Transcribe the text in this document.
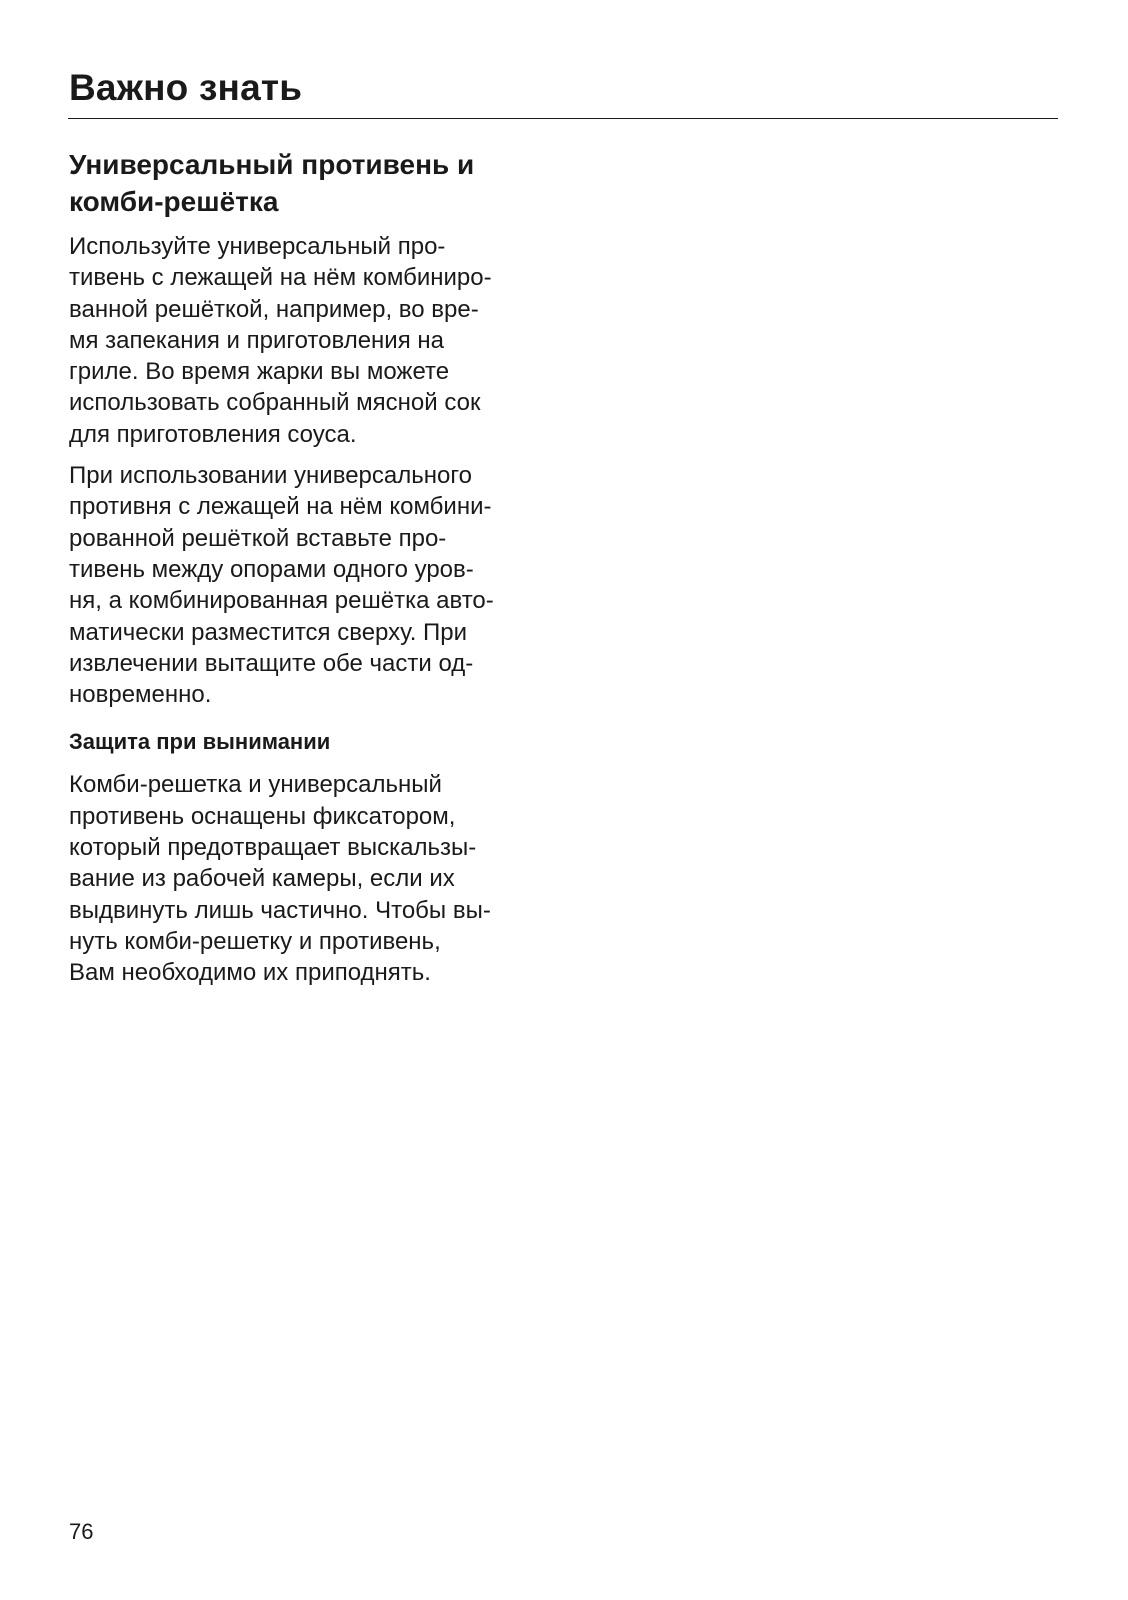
Важно знать
Универсальный противень и
комби-решётка

Используйте универсальный про-
тивень с лежащей на нём комбиниро-
ванной решёткой, например, во вре-
мя запекания и приготовления на
гриле. Во время жарки вы можете
использовать собранный мясной сок
для приготовления соуса.

При использовании универсального
противня с лежащей на нём комбини-
рованной решёткой вставьте про-
тивень между опорами одного уров-
ня, а комбинированная решётка авто-
матически разместится сверху. При
извлечении вытащите обе части од-
новременно.

Защита при вынимании

Комби-решетка и универсальный
противень оснащены фиксатором,
который предотвращает выскальзы-
вание из рабочей камеры, если их
выдвинуть лишь частично. Чтобы вы-
нуть комби-решетку и противень,
Вам необходимо их приподнять.

76
